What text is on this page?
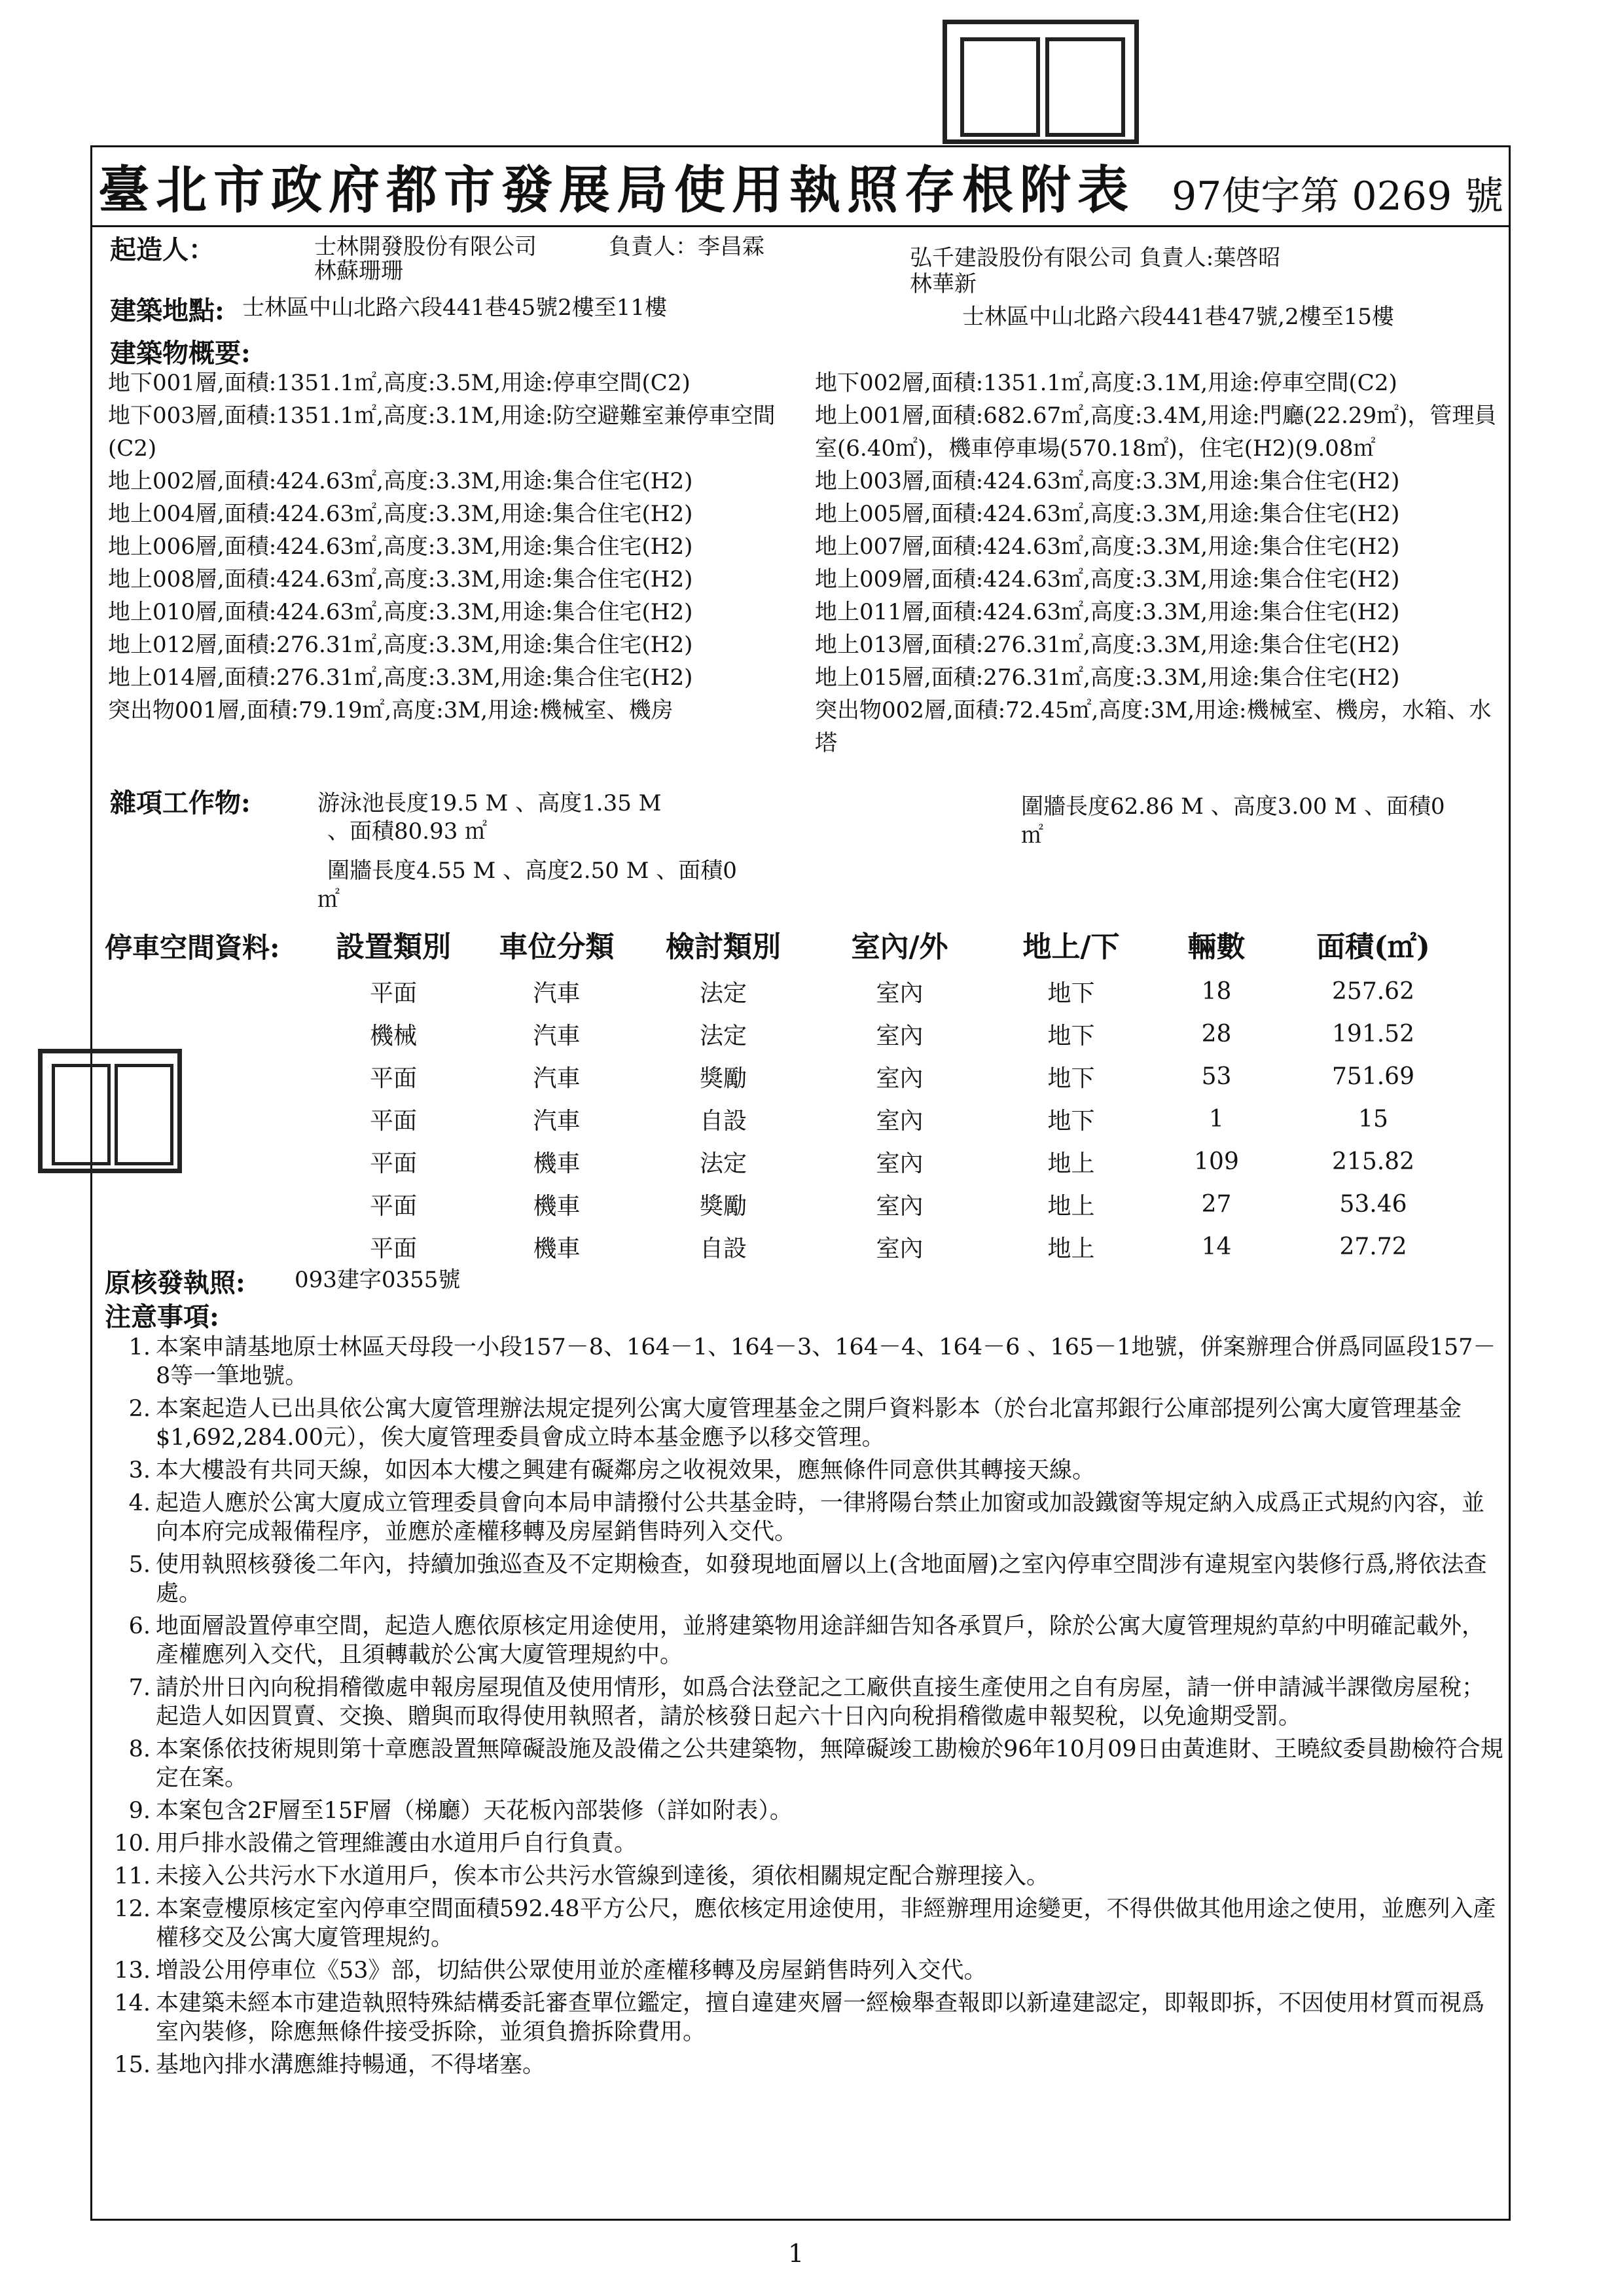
臺北市政府都市發展局使用執照存根附表 97使字第 0269 號
起造人：	士林開發股份有限公司	負責人：李昌霖
林蘇珊珊	弘千建設股份有限公司 負責人:葉啓昭
林華新
建築地點: 士林區中山北路六段441巷45號2樓至11樓	士林區中山北路六段441巷47號,2樓至15樓
建築物概要:
地下001層,面積:1351.1㎡,高度:3.5M,用途:停車空間(C2)
地下003層,面積:1351.1㎡,高度:3.1M,用途:防空避難室兼停車空間(C2)
地上002層,面積:424.63㎡,高度:3.3M,用途:集合住宅(H2)
地上004層,面積:424.63㎡,高度:3.3M,用途:集合住宅(H2)
地上006層,面積:424.63㎡,高度:3.3M,用途:集合住宅(H2)
地上008層,面積:424.63㎡,高度:3.3M,用途:集合住宅(H2)
地上010層,面積:424.63㎡,高度:3.3M,用途:集合住宅(H2)
地上012層,面積:276.31㎡,高度:3.3M,用途:集合住宅(H2)
地上014層,面積:276.31㎡,高度:3.3M,用途:集合住宅(H2)
突出物001層,面積:79.19㎡,高度:3M,用途:機械室、機房
地下002層,面積:1351.1㎡,高度:3.1M,用途:停車空間(C2)
地上001層,面積:682.67㎡,高度:3.4M,用途:門廳(22.29㎡)，管理員室(6.40㎡)，機車停車場(570.18㎡)，住宅(H2)(9.08㎡
地上003層,面積:424.63㎡,高度:3.3M,用途:集合住宅(H2)
地上005層,面積:424.63㎡,高度:3.3M,用途:集合住宅(H2)
地上007層,面積:424.63㎡,高度:3.3M,用途:集合住宅(H2)
地上009層,面積:424.63㎡,高度:3.3M,用途:集合住宅(H2)
地上011層,面積:424.63㎡,高度:3.3M,用途:集合住宅(H2)
地上013層,面積:276.31㎡,高度:3.3M,用途:集合住宅(H2)
地上015層,面積:276.31㎡,高度:3.3M,用途:集合住宅(H2)
突出物002層,面積:72.45㎡,高度:3M,用途:機械室、機房，水箱、水塔
雜項工作物:	游泳池長度19.5 M 、高度1.35 M
、面積80.93 ㎡
圍牆長度4.55 M 、高度2.50 M 、面積0
㎡
圍牆長度62.86 M 、高度3.00 M 、面積0
㎡
停車空間資料:
	設置類別	車位分類	檢討類別	室內/外	地上/下	輛數	面積(㎡)
	平面	汽車	法定	室內	地下	18	257.62
	機械	汽車	法定	室內	地下	28	191.52
	平面	汽車	獎勵	室內	地下	53	751.69
	平面	汽車	自設	室內	地下	1	15
	平面	機車	法定	室內	地上	109	215.82
	平面	機車	獎勵	室內	地上	27	53.46
	平面	機車	自設	室內	地上	14	27.72
原核發執照: 093建字0355號
注意事項:
1. 本案申請基地原士林區天母段一小段157－8、164－1、164－3、164－4、164－6 、165－1地號，併案辦理合併爲同區段157－8等一筆地號。
2. 本案起造人已出具依公寓大廈管理辦法規定提列公寓大廈管理基金之開戶資料影本（於台北富邦銀行公庫部提列公寓大廈管理基金$1,692,284.00元），俟大廈管理委員會成立時本基金應予以移交管理。
3. 本大樓設有共同天線，如因本大樓之興建有礙鄰房之收視效果，應無條件同意供其轉接天線。
4. 起造人應於公寓大廈成立管理委員會向本局申請撥付公共基金時，一律將陽台禁止加窗或加設鐵窗等規定納入成爲正式規約內容，並向本府完成報備程序，並應於產權移轉及房屋銷售時列入交代。
5. 使用執照核發後二年內，持續加強巡查及不定期檢查，如發現地面層以上(含地面層)之室內停車空間涉有違規室內裝修行爲,將依法查處。
6. 地面層設置停車空間，起造人應依原核定用途使用，並將建築物用途詳細告知各承買戶，除於公寓大廈管理規約草約中明確記載外，產權應列入交代，且須轉載於公寓大廈管理規約中。
7. 請於卅日內向稅捐稽徵處申報房屋現值及使用情形，如爲合法登記之工廠供直接生產使用之自有房屋，請一併申請減半課徵房屋稅；起造人如因買賣、交換、贈與而取得使用執照者，請於核發日起六十日內向稅捐稽徵處申報契稅，以免逾期受罰。
8. 本案係依技術規則第十章應設置無障礙設施及設備之公共建築物，無障礙竣工勘檢於96年10月09日由黃進財、王曉紋委員勘檢符合規定在案。
9. 本案包含2F層至15F層（梯廳）天花板內部裝修（詳如附表）。
10. 用戶排水設備之管理維護由水道用戶自行負責。
11. 未接入公共污水下水道用戶，俟本市公共污水管線到達後，須依相關規定配合辦理接入。
12. 本案壹樓原核定室內停車空間面積592.48平方公尺，應依核定用途使用，非經辦理用途變更，不得供做其他用途之使用，並應列入產權移交及公寓大廈管理規約。
13. 增設公用停車位《53》部，切結供公眾使用並於產權移轉及房屋銷售時列入交代。
14. 本建築未經本市建造執照特殊結構委託審查單位鑑定，擅自違建夾層一經檢舉查報即以新違建認定，即報即拆，不因使用材質而視爲室內裝修，除應無條件接受拆除，並須負擔拆除費用。
15. 基地內排水溝應維持暢通，不得堵塞。
1
